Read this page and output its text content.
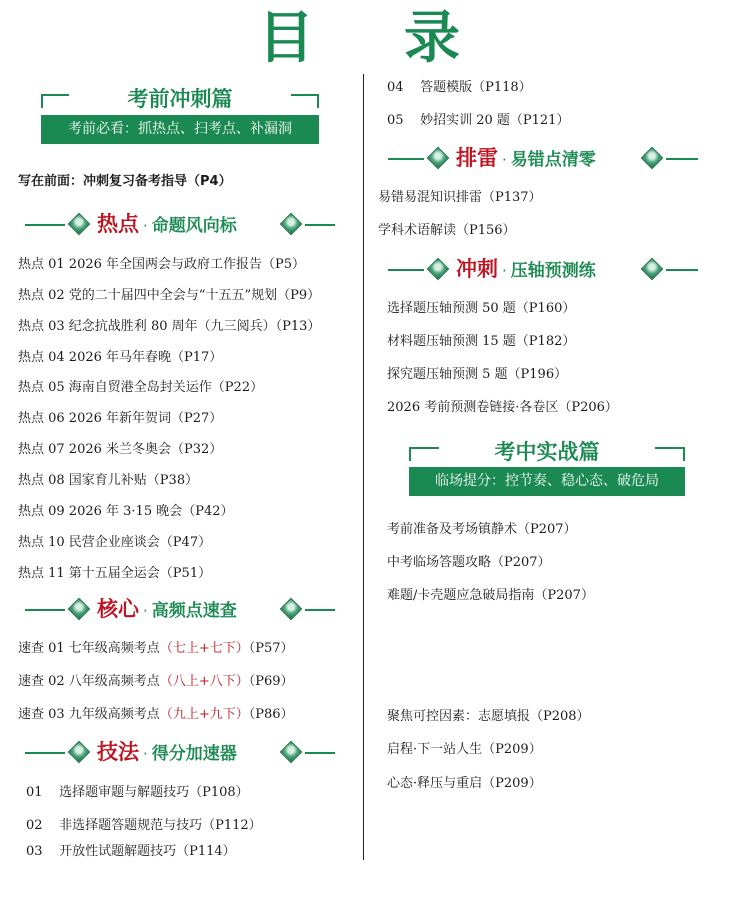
目 录
考前冲刺篇
考前必看：抓热点、扫考点、补漏洞
写在前面：冲刺复习备考指导（P4）
热点 · 命题风向标
热点 01 2026 年全国两会与政府工作报告（P5）
热点 02 党的二十届四中全会与“十五五”规划（P9）
热点 03 纪念抗战胜利 80 周年（九三阅兵）（P13）
热点 04 2026 年马年春晚（P17）
热点 05 海南自贸港全岛封关运作（P22）
热点 06 2026 年新年贺词（P27）
热点 07 2026 米兰冬奥会（P32）
热点 08 国家育儿补贴（P38）
热点 09 2026 年 3·15 晚会（P42）
热点 10 民营企业座谈会（P47）
热点 11 第十五届全运会（P51）
核心 · 高频点速查
速查 01 七年级高频考点（七上+七下）（P57）
速查 02 八年级高频考点（八上+八下）（P69）
速查 03 九年级高频考点（九上+九下）（P86）
技法 · 得分加速器
01 选择题审题与解题技巧（P108）
02 非选择题答题规范与技巧（P112）
03 开放性试题解题技巧（P114）
04 答题模版（P118）
05 妙招实训 20 题（P121）
排雷 · 易错点清零
易错易混知识排雷（P137）
学科术语解读（P156）
冲刺 · 压轴预测练
选择题压轴预测 50 题（P160）
材料题压轴预测 15 题（P182）
探究题压轴预测 5 题（P196）
2026 考前预测卷链接·各卷区（P206）
考中实战篇
临场提分：控节奏、稳心态、破危局
考前准备及考场镇静术（P207）
中考临场答题攻略（P207）
难题/卡壳题应急破局指南（P207）
聚焦可控因素：志愿填报（P208）
启程·下一站人生（P209）
心态·释压与重启（P209）
